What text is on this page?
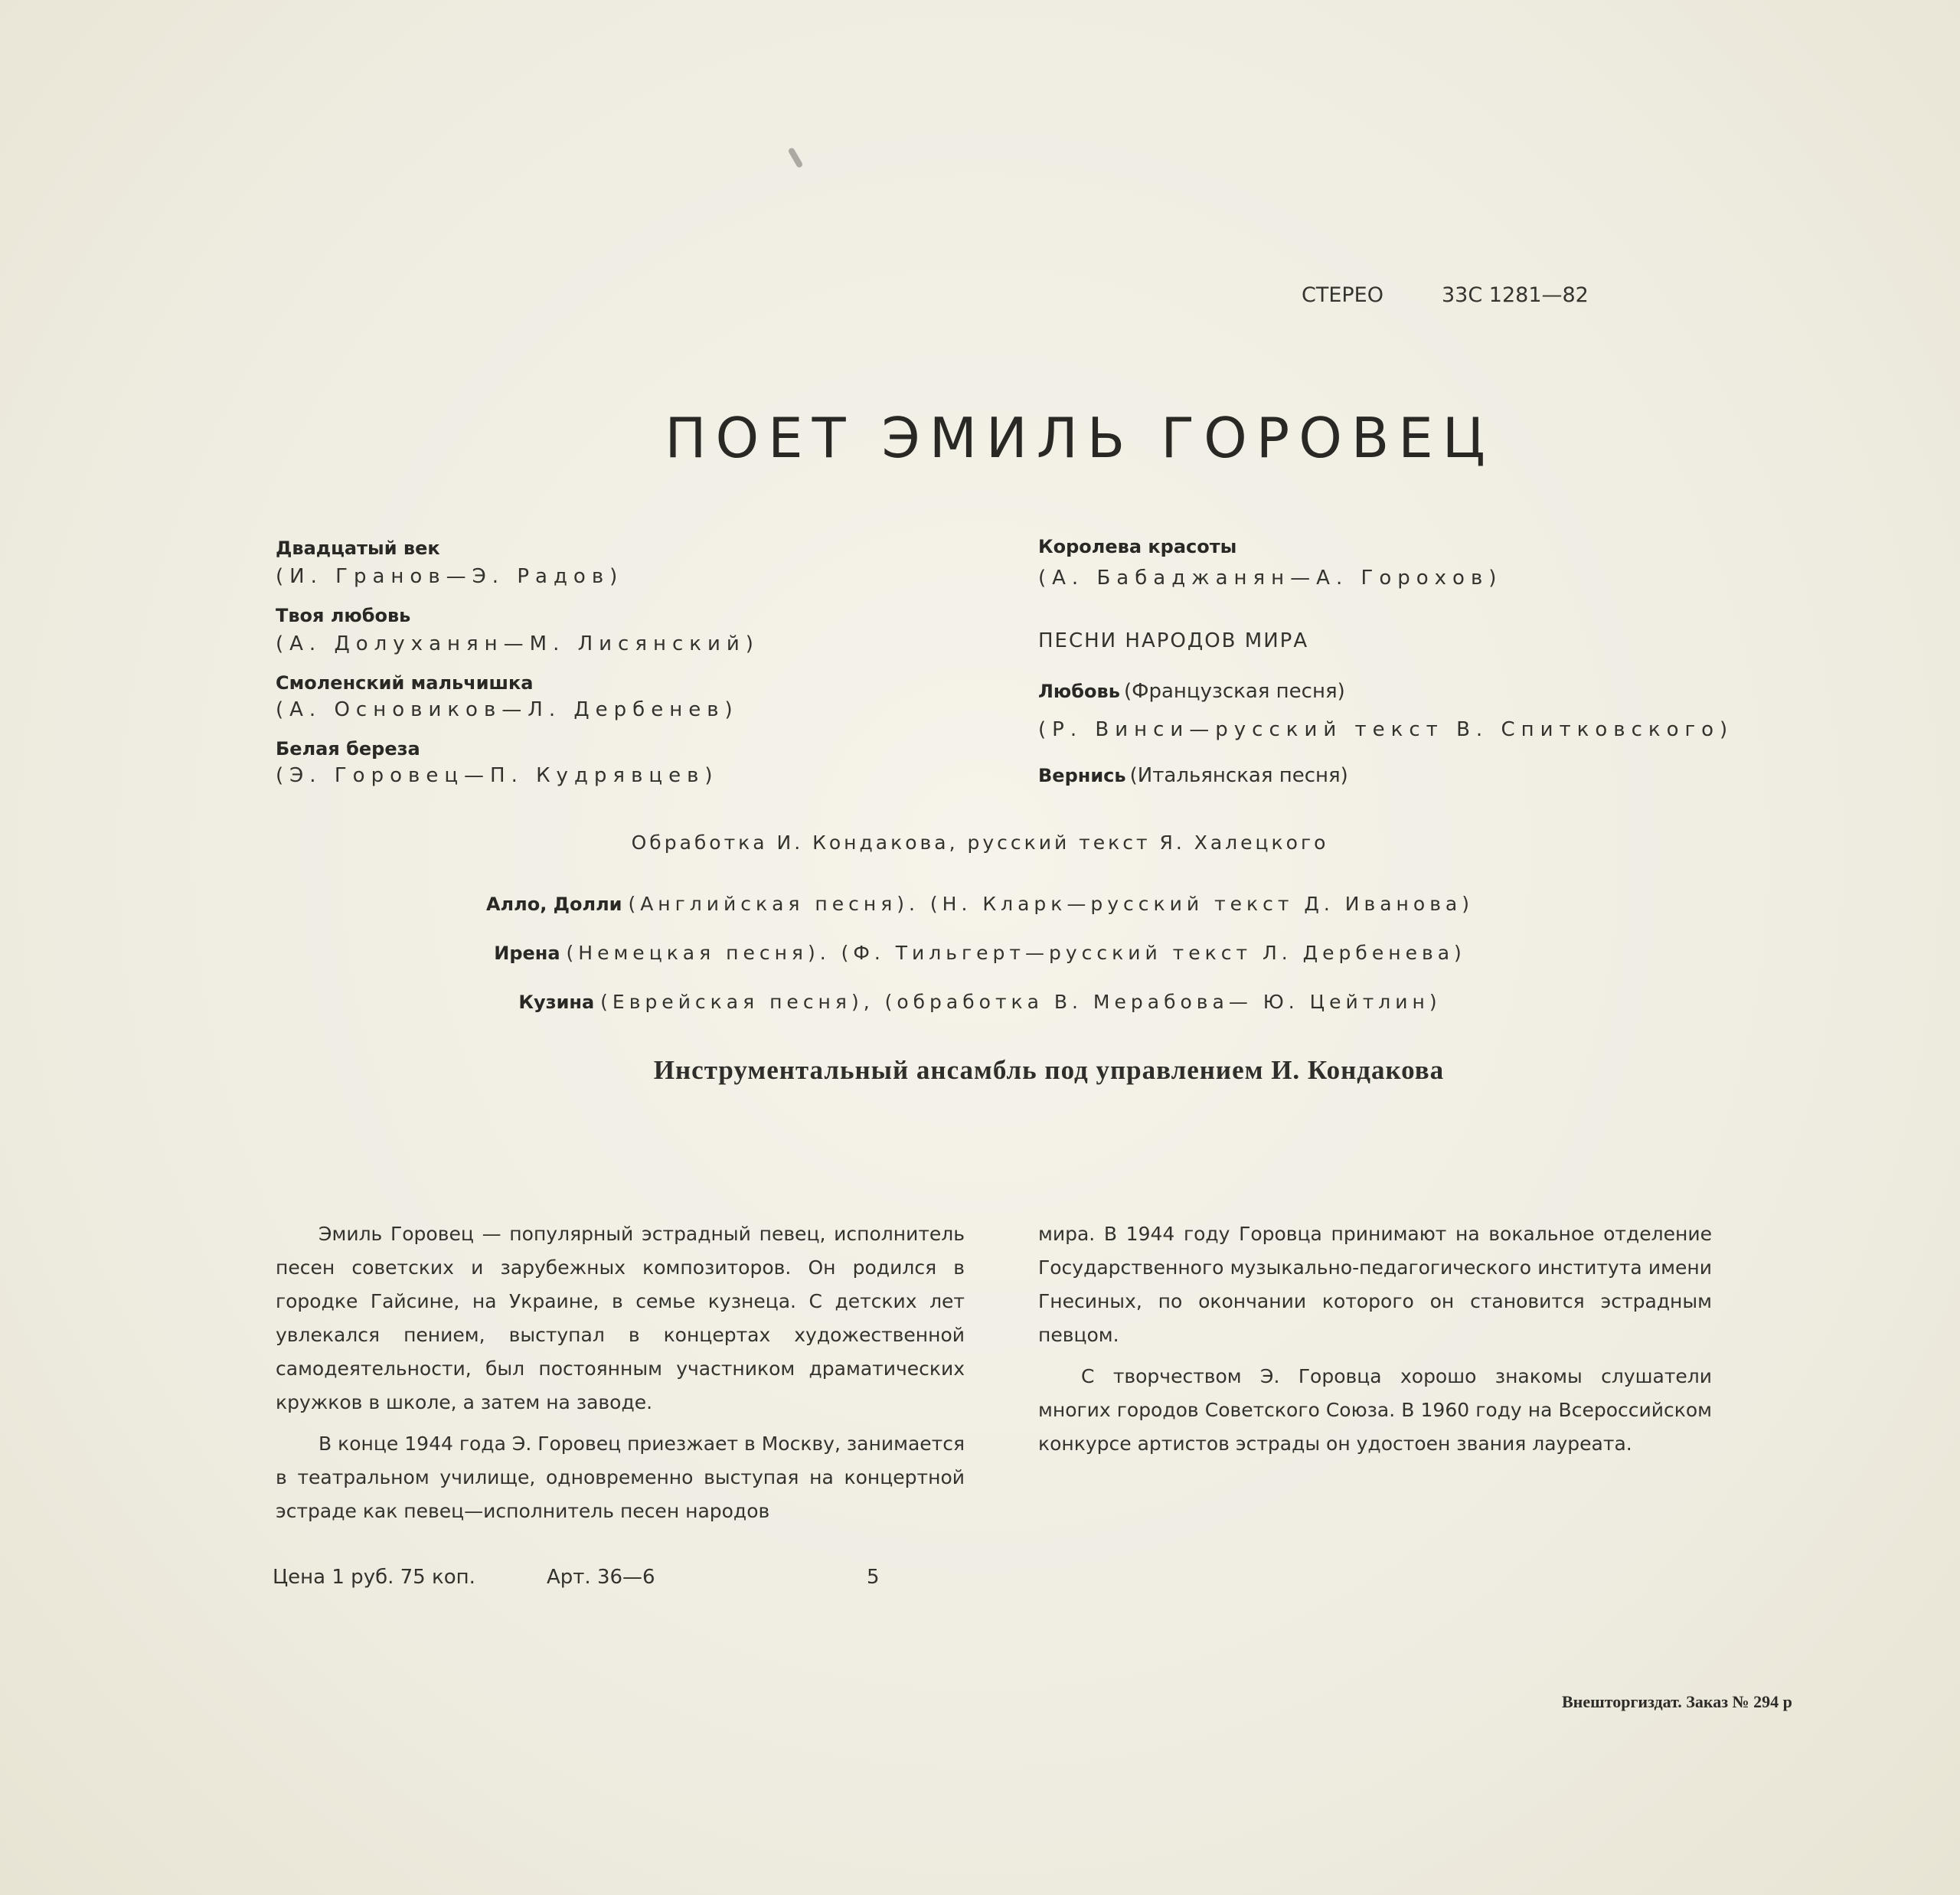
СТЕРЕО	33С 1281—82
ПОЕТ ЭМИЛЬ ГОРОВЕЦ
Двадцатый век
(И. Гранов—Э. Радов)
Твоя любовь
(А. Долуханян—М. Лисянский)
Смоленский мальчишка
(А. Основиков—Л. Дербенев)
Белая береза
(Э. Горовец—П. Кудрявцев)
Королева красоты
(А. Бабаджанян—А. Горохов)
ПЕСНИ НАРОДОВ МИРА
Любовь (Французская песня)
(Р. Винси—русский текст В. Спитковского)
Вернись (Итальянская песня)
Обработка И. Кондакова, русский текст Я. Халецкого
Алло, Долли (Английская песня). (Н. Кларк—русский текст Д. Иванова)
Ирена (Немецкая песня). (Ф. Тильгерт—русский текст Л. Дербенева)
Кузина (Еврейская песня), (обработка В. Мерабова— Ю. Цейтлин)
Инструментальный ансамбль под управлением И. Кондакова

Эмиль Горовец — популярный эстрадный певец, исполнитель песен советских и зарубежных композиторов. Он родился в городке Гайсине, на Украине, в семье кузнеца. С детских лет увлекался пением, выступал в концертах художественной самодеятельности, был постоянным участником драматических кружков в школе, а затем на заводе.

В конце 1944 года Э. Горовец приезжает в Москву, занимается в театральном училище, одновременно выступая на концертной эстраде как певец—исполнитель песен народов

мира. В 1944 году Горовца принимают на вокальное отделение Государственного музыкально-педагогического института имени Гнесиных, по окончании которого он становится эстрадным певцом.

С творчеством Э. Горовца хорошо знакомы слушатели многих городов Советского Союза. В 1960 году на Всероссийском конкурсе артистов эстрады он удостоен звания лауреата.

Цена 1 руб. 75 коп.	Арт. 36—6	5
Внешторгиздат. Заказ № 294 р
